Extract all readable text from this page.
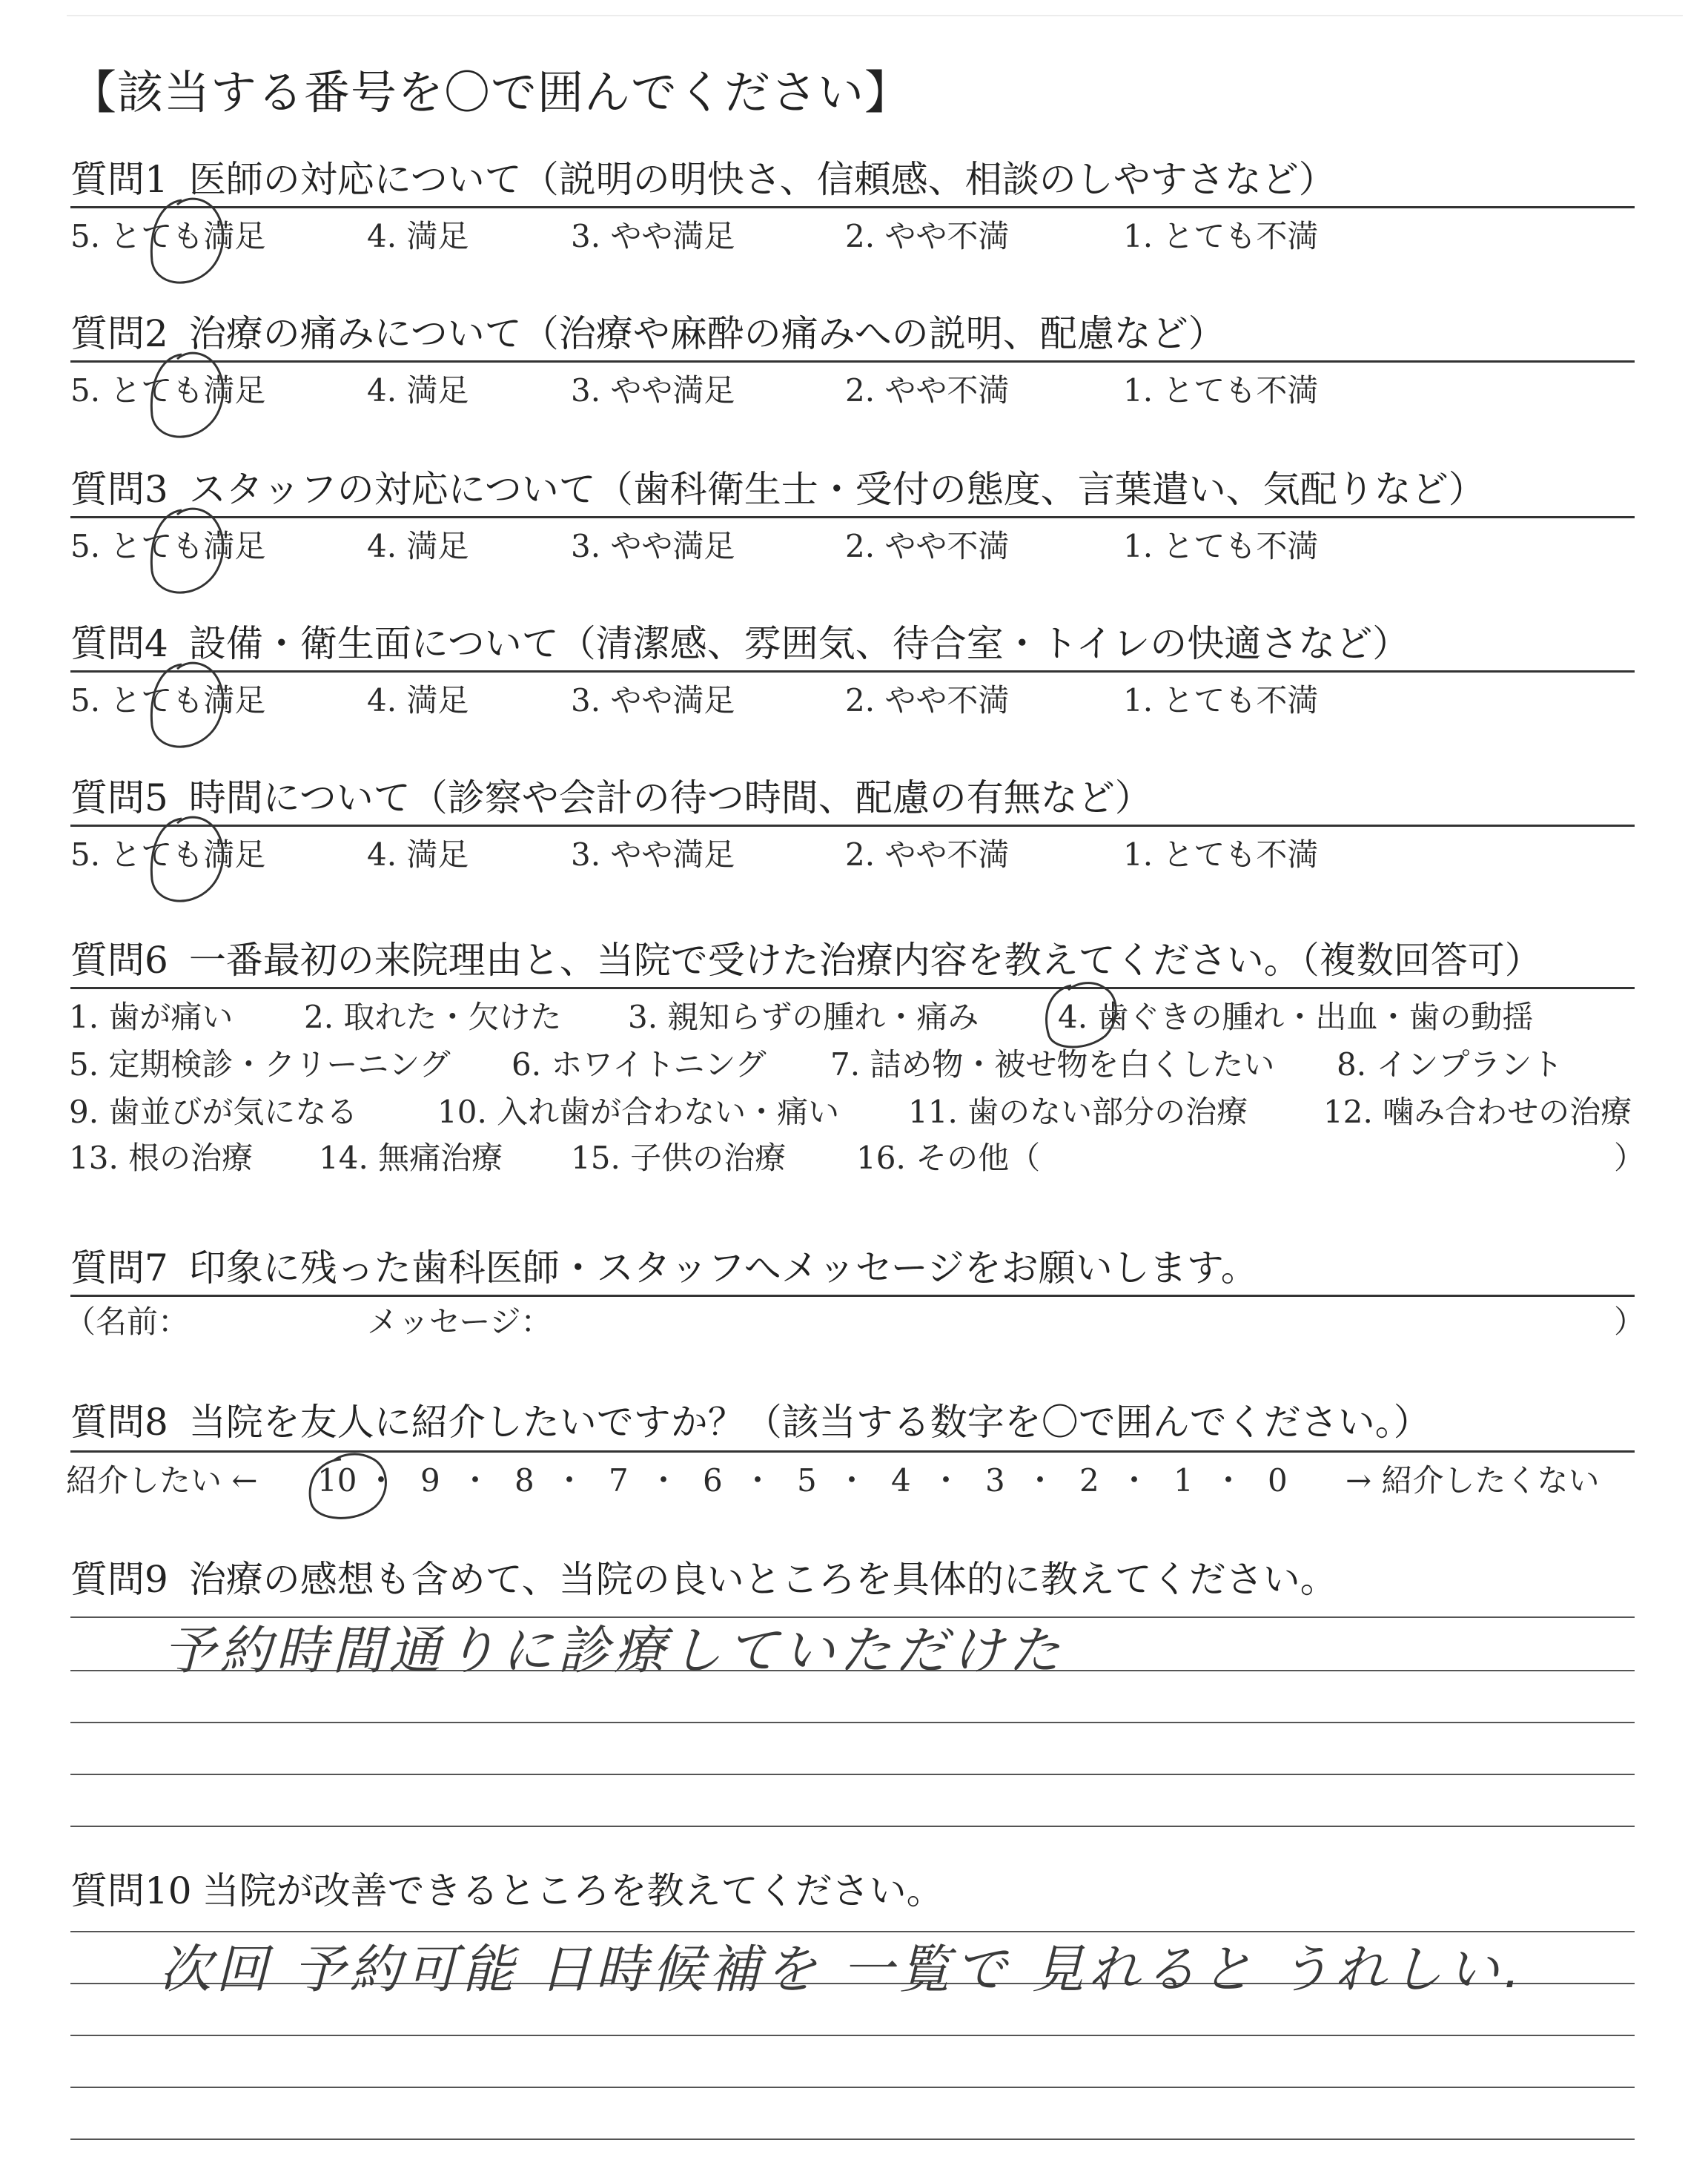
【該当する番号を〇で囲んでください】
質問1 医師の対応について（説明の明快さ、信頼感、相談のしやすさなど）
5. とても満足	4. 満足	3. やや満足	2. やや不満	1. とても不満
質問2 治療の痛みについて（治療や麻酔の痛みへの説明、配慮など）
5. とても満足	4. 満足	3. やや満足	2. やや不満	1. とても不満
質問3 スタッフの対応について（歯科衛生士・受付の態度、言葉遣い、気配りなど）
5. とても満足	4. 満足	3. やや満足	2. やや不満	1. とても不満
質問4 設備・衛生面について（清潔感、雰囲気、待合室・トイレの快適さなど）
5. とても満足	4. 満足	3. やや満足	2. やや不満	1. とても不満
質問5 時間について（診察や会計の待つ時間、配慮の有無など）
5. とても満足	4. 満足	3. やや満足	2. やや不満	1. とても不満
質問6 一番最初の来院理由と、当院で受けた治療内容を教えてください。（複数回答可）
1. 歯が痛い 2. 取れた・欠けた 3. 親知らずの腫れ・痛み	4. 歯ぐきの腫れ・出血・歯の動揺
5. 定期検診・クリーニング 6. ホワイトニング 7. 詰め物・被せ物を白くしたい 8. インプラント
9. 歯並びが気になる	10. 入れ歯が合わない・痛い 11. 歯のない部分の治療 12. 噛み合わせの治療
13. 根の治療 14. 無痛治療 15. 子供の治療 16. その他（	）
質問7 印象に残った歯科医師・スタッフへメッセージをお願いします。
（名前：	メッセージ：	）
質問8 当院を友人に紹介したいですか？（該当する数字を〇で囲んでください。）
紹介したい ← 10 ・ 9 ・ 8 ・ 7 ・ 6 ・ 5 ・ 4 ・ 3 ・ 2 ・ 1 ・ 0 → 紹介したくない
質問9 治療の感想も含めて、当院の良いところを具体的に教えてください。
予約時間通りに診療していただけた
質問10 当院が改善できるところを教えてください。
次回 予約可能 日時候補を 一覧で 見れると うれしい.
